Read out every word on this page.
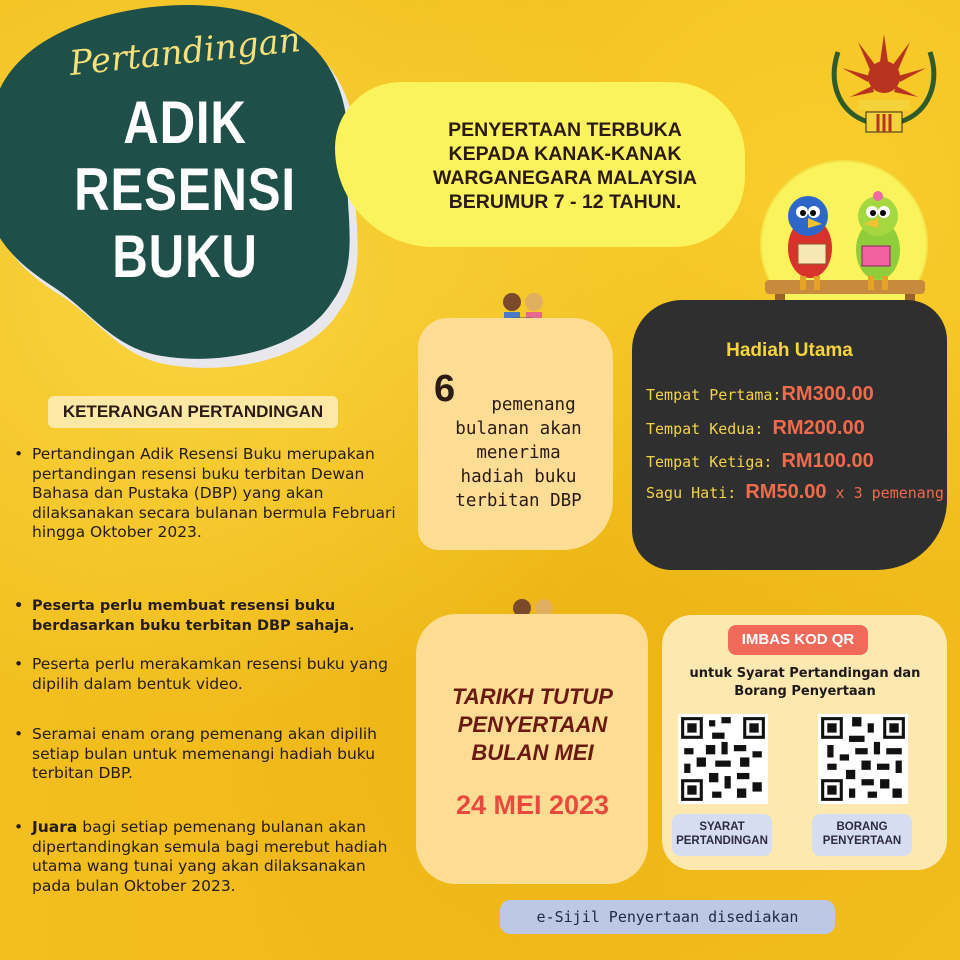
Pertandingan
ADIK
RESENSI
BUKU
PENYERTAAN TERBUKA
KEPADA KANAK-KANAK
WARGANEGARA MALAYSIA
BERUMUR 7 - 12 TAHUN.
KETERANGAN PERTANDINGAN
• Pertandingan Adik Resensi Buku merupakan pertandingan resensi buku terbitan Dewan Bahasa dan Pustaka (DBP) yang akan dilaksanakan secara bulanan bermula Februari hingga Oktober 2023.
• Peserta perlu membuat resensi buku berdasarkan buku terbitan DBP sahaja.
• Peserta perlu merakamkan resensi buku yang dipilih dalam bentuk video.
• Seramai enam orang pemenang akan dipilih setiap bulan untuk memenangi hadiah buku terbitan DBP.
• Juara bagi setiap pemenang bulanan akan dipertandingkan semula bagi merebut hadiah utama wang tunai yang akan dilaksanakan pada bulan Oktober 2023.
6	pemenang
bulanan akan
menerima
hadiah buku
terbitan DBP
Hadiah Utama
Tempat Pertama:RM300.00
Tempat Kedua: RM200.00
Tempat Ketiga: RM100.00
Sagu Hati: RM50.00 x 3 pemenang
TARIKH TUTUP
PENYERTAAN
BULAN MEI
24 MEI 2023
IMBAS KOD QR
untuk Syarat Pertandingan dan
Borang Penyertaan
SYARAT
PERTANDINGAN
BORANG
PENYERTAAN
e-Sijil Penyertaan disediakan
